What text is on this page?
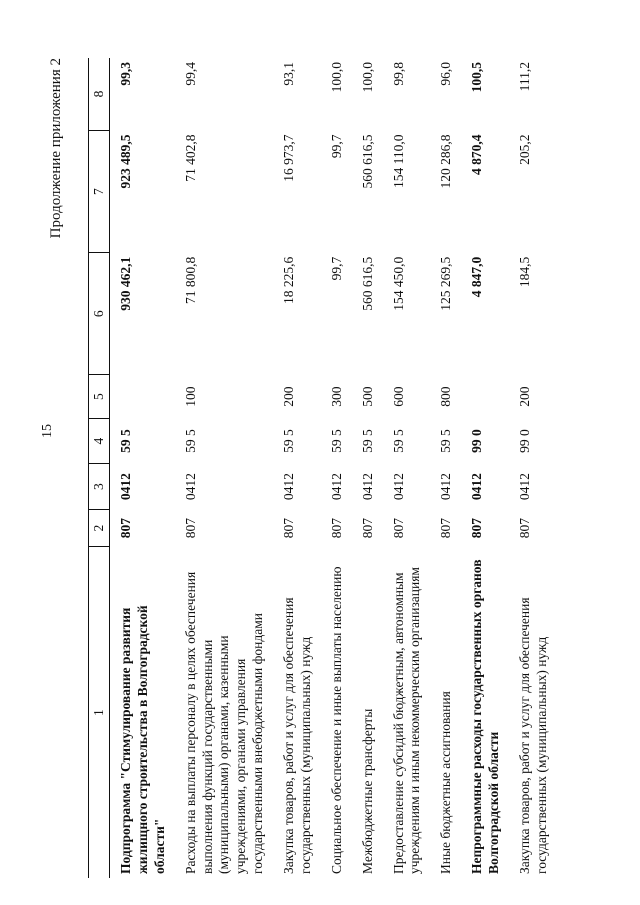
15
Продолжение приложения 2
1	2	3	4	5	6	7	8
Подпрограмма "Стимулирование развития жилищного строительства в Волгоградской области"	807	0412	59 5		930 462,1	923 489,5	99,3
Расходы на выплаты персоналу в целях обеспечения выполнения функций государственными (муниципальными) органами, казенными учреждениями, органами управления государственными внебюджетными фондами	807	0412	59 5	100	71 800,8	71 402,8	99,4
Закупка товаров, работ и услуг для обеспечения государственных (муниципальных) нужд	807	0412	59 5	200	18 225,6	16 973,7	93,1
Социальное обеспечение и иные выплаты населению	807	0412	59 5	300	99,7	99,7	100,0
Межбюджетные трансферты	807	0412	59 5	500	560 616,5	560 616,5	100,0
Предоставление субсидий бюджетным, автономным учреждениям и иным некоммерческим организациям	807	0412	59 5	600	154 450,0	154 110,0	99,8
Иные бюджетные ассигнования	807	0412	59 5	800	125 269,5	120 286,8	96,0
Непрограммные расходы государственных органов Волгоградской области	807	0412	99 0		4 847,0	4 870,4	100,5
Закупка товаров, работ и услуг для обеспечения государственных (муниципальных) нужд	807	0412	99 0	200	184,5	205,2	111,2
